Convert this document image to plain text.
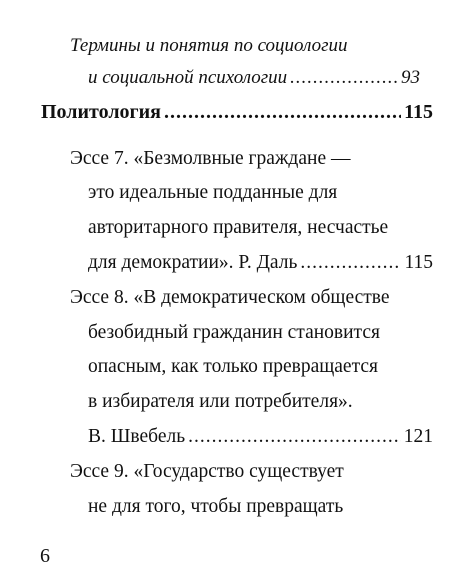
Термины и понятия по социологии
и социальной психологии .....	93
Политология .....	115
Эссе 7. «Безмолвные граждане —
это идеальные подданные для
авторитарного правителя, несчастье
для демократии». Р. Даль .....	115
Эссе 8. «В демократическом обществе
безобидный гражданин становится
опасным, как только превращается
в избирателя или потребителя».
В. Швебель .....	121
Эссе 9. «Государство существует
не для того, чтобы превращать
6
